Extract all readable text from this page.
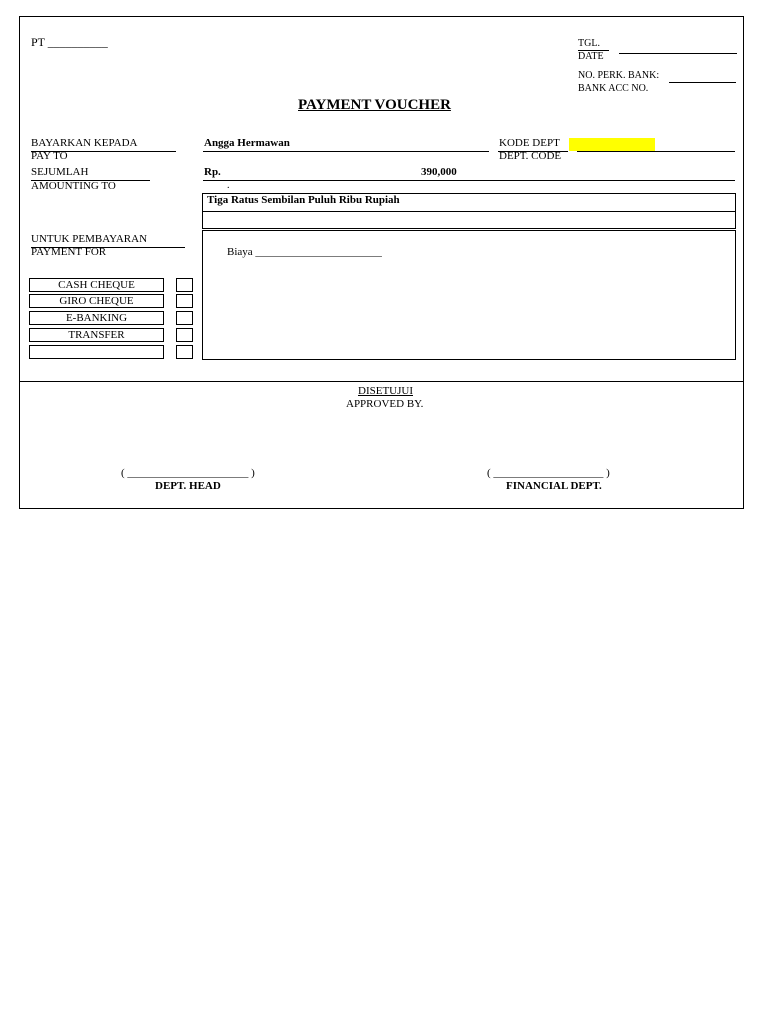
PT __________	TGL.
DATE
NO. PERK. BANK:
BANK ACC NO.
PAYMENT VOUCHER
BAYARKAN KEPADA
PAY TO
Angga Hermawan	KODE DEPT
DEPT. CODE
SEJUMLAH
AMOUNTING TO
Rp.	390,000
.
Tiga Ratus Sembilan Puluh Ribu Rupiah
UNTUK PEMBAYARAN
PAYMENT FOR	Biaya _______________________
CASH CHEQUE
GIRO CHEQUE
E-BANKING
TRANSFER
DISETUJUI
APPROVED BY.
( ______________________ )
DEPT. HEAD
( ____________________ )
FINANCIAL DEPT.
